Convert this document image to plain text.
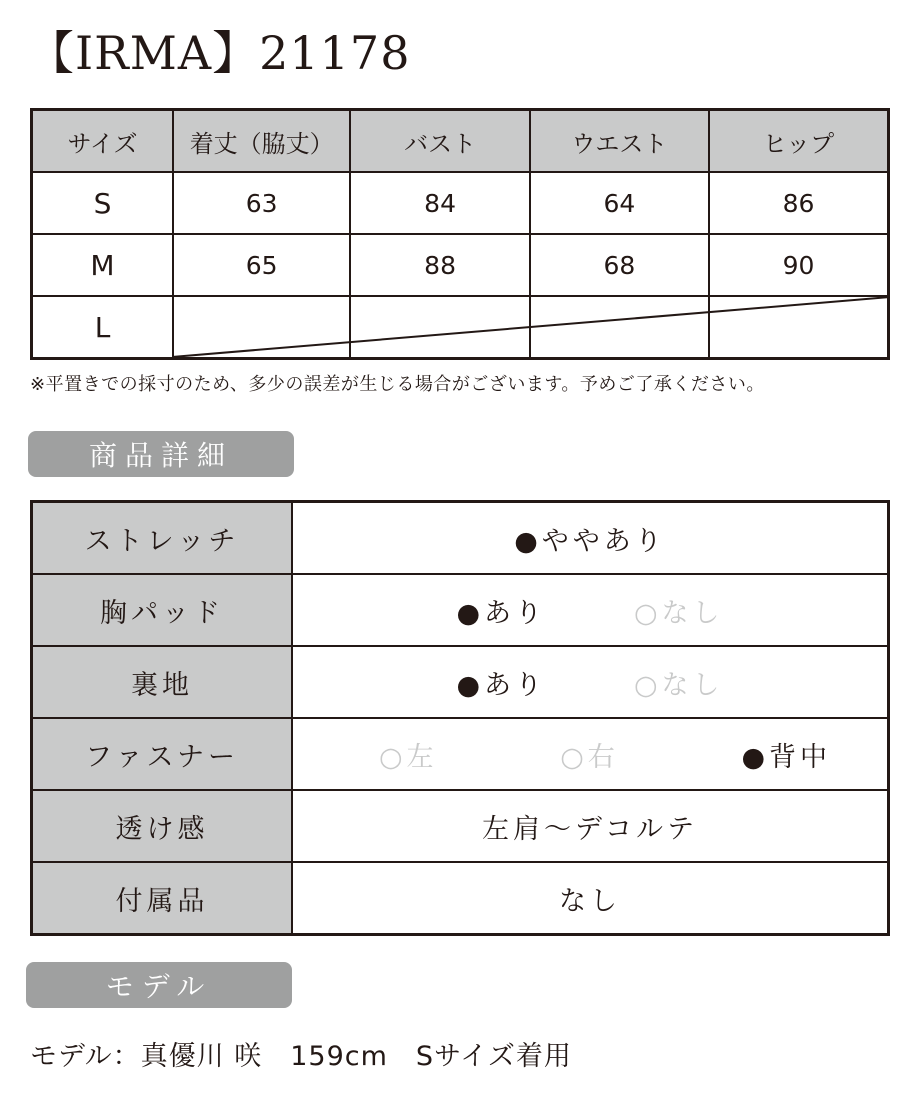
【IRMA】21178
サイズ	着丈（脇丈）	バスト	ウエスト	ヒップ
S	63	84	64	86
M	65	88	68	90
L				

※平置きでの採寸のため、多少の誤差が生じる場合がございます。予めご了承ください。

商品詳細
ストレッチ	●ややあり

胸パッド	●あり ○なし

裏地	●あり ○なし

ファスナー	○左 ○右 ●背中

透け感	左肩〜デコルテ

付属品	なし
モデル

モデル：真優川 咲　159cm　Sサイズ着用
